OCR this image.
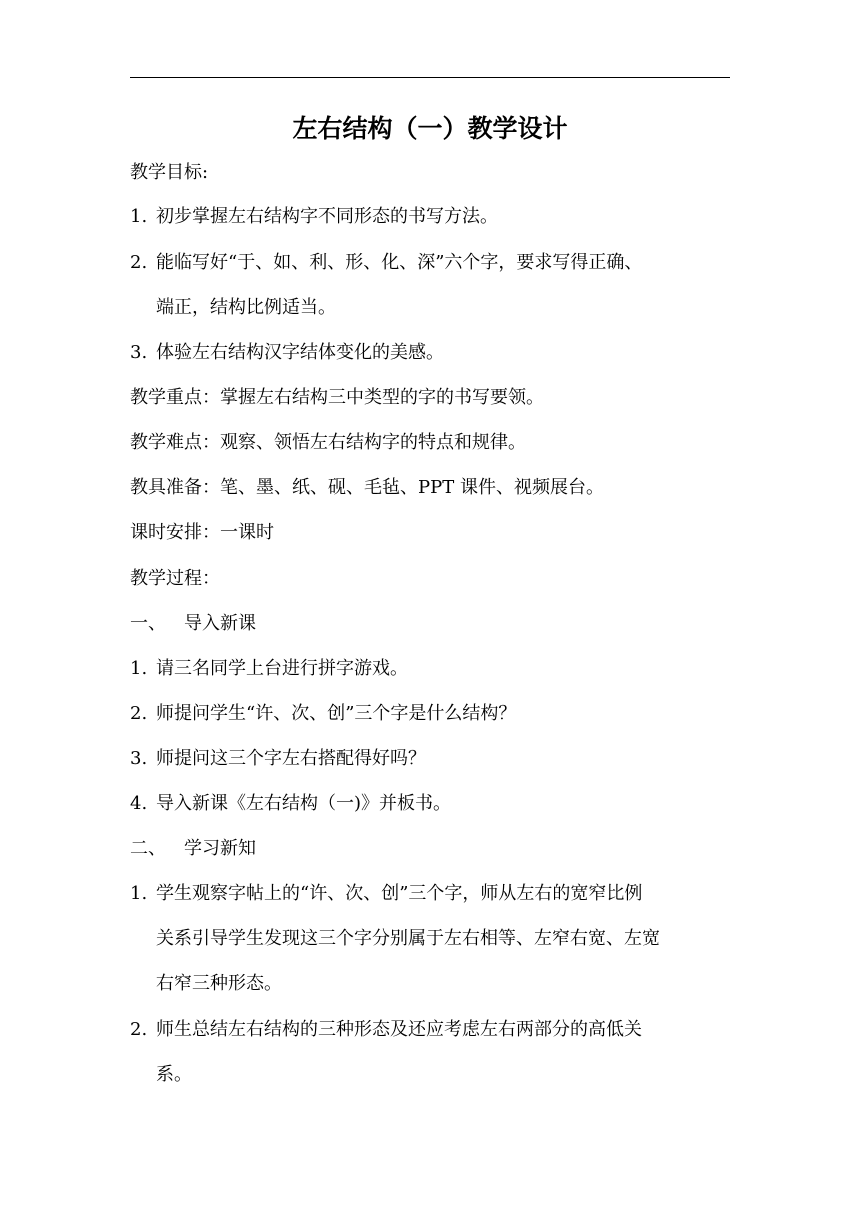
左右结构（一）教学设计
教学目标:
1. 初步掌握左右结构字不同形态的书写方法。
2. 能临写好“于、如、利、形、化、深”六个字，要求写得正确、
端正，结构比例适当。
3. 体验左右结构汉字结体变化的美感。
教学重点：掌握左右结构三中类型的字的书写要领。
教学难点：观察、领悟左右结构字的特点和规律。
教具准备：笔、墨、纸、砚、毛毡、PPT 课件、视频展台。
课时安排：一课时
教学过程：
一、 导入新课
1. 请三名同学上台进行拼字游戏。
2. 师提问学生“许、次、创”三个字是什么结构？
3. 师提问这三个字左右搭配得好吗？
4. 导入新课《左右结构（一)》并板书。
二、 学习新知
1. 学生观察字帖上的“许、次、创”三个字，师从左右的宽窄比例
关系引导学生发现这三个字分别属于左右相等、左窄右宽、左宽
右窄三种形态。
2. 师生总结左右结构的三种形态及还应考虑左右两部分的高低关
系。
